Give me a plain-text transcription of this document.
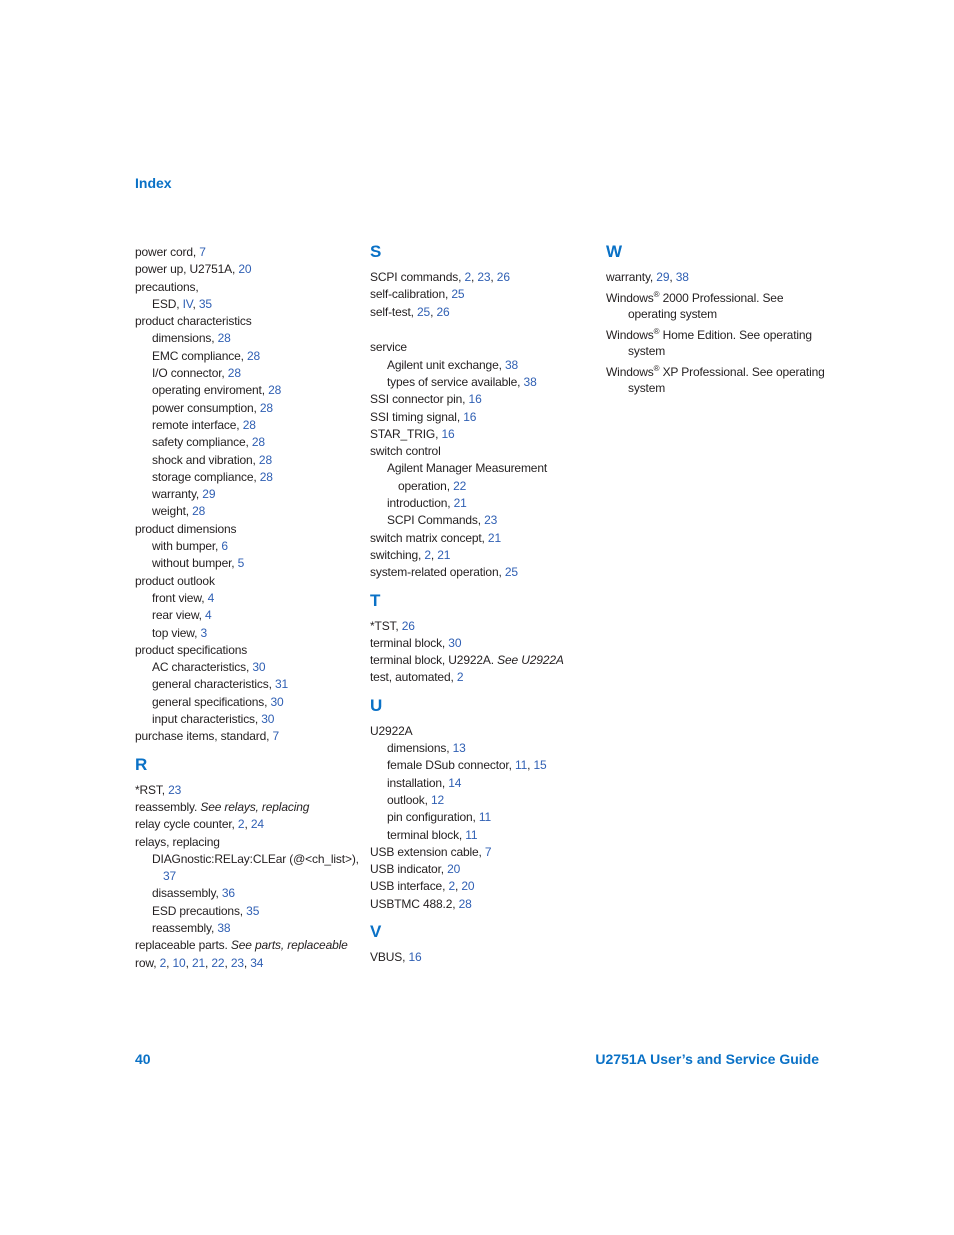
Index
power cord, 7
power up, U2751A, 20
precautions,
ESD, IV, 35
product characteristics
dimensions, 28
EMC compliance, 28
I/O connector, 28
operating enviroment, 28
power consumption, 28
remote interface, 28
safety compliance, 28
shock and vibration, 28
storage compliance, 28
warranty, 29
weight, 28
product dimensions
with bumper, 6
without bumper, 5
product outlook
front view, 4
rear view, 4
top view, 3
product specifications
AC characteristics, 30
general characteristics, 31
general specifications, 30
input characteristics, 30
purchase items, standard, 7
R
*RST, 23
reassembly. See relays, replacing
relay cycle counter, 2, 24
relays, replacing
DIAGnostic:RELay:CLEar (@<ch_list>),
37
disassembly, 36
ESD precautions, 35
reassembly, 38
replaceable parts. See parts, replaceable
row, 2, 10, 21, 22, 23, 34
S
SCPI commands, 2, 23, 26
self-calibration, 25
self-test, 25, 26
service
Agilent unit exchange, 38
types of service available, 38
SSI connector pin, 16
SSI timing signal, 16
STAR_TRIG, 16
switch control
Agilent Manager Measurement
operation, 22
introduction, 21
SCPI Commands, 23
switch matrix concept, 21
switching, 2, 21
system-related operation, 25
T
*TST, 26
terminal block, 30
terminal block, U2922A. See U2922A
test, automated, 2
U
U2922A
dimensions, 13
female DSub connector, 11, 15
installation, 14
outlook, 12
pin configuration, 11
terminal block, 11
USB extension cable, 7
USB indicator, 20
USB interface, 2, 20
USBTMC 488.2, 28
V
VBUS, 16
W
warranty, 29, 38
Windows® 2000 Professional. See
operating system
Windows® Home Edition. See operating
system
Windows® XP Professional. See operating
system
40	U2751A User’s and Service Guide
